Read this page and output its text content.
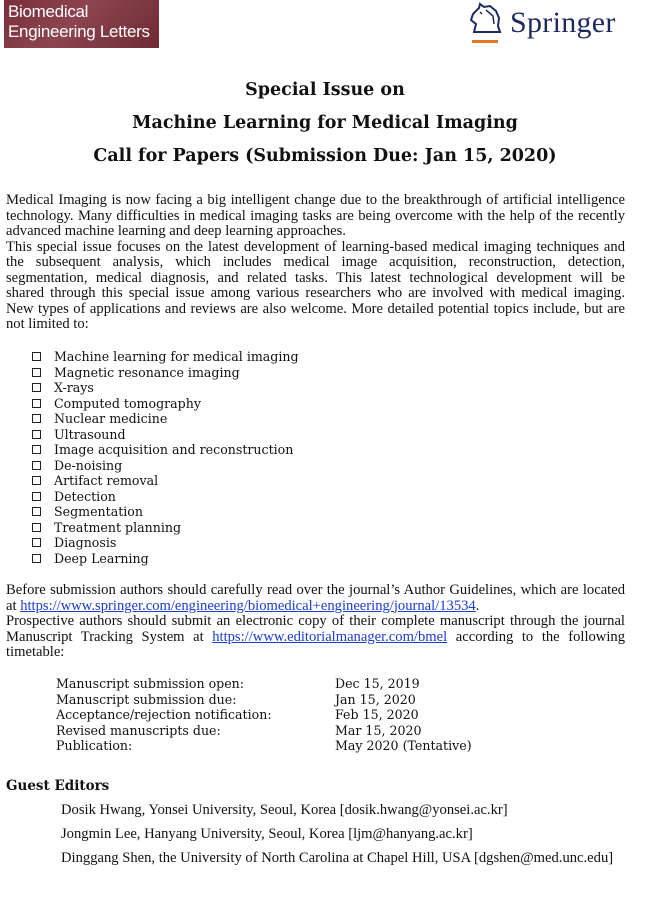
Biomedical
Engineering Letters	Springer
Special Issue on
Machine Learning for Medical Imaging
Call for Papers (Submission Due: Jan 15, 2020)
Medical Imaging is now facing a big intelligent change due to the breakthrough of artificial intelligence
technology. Many difficulties in medical imaging tasks are being overcome with the help of the recently
advanced machine learning and deep learning approaches.
This special issue focuses on the latest development of learning-based medical imaging techniques and
the subsequent analysis, which includes medical image acquisition, reconstruction, detection,
segmentation, medical diagnosis, and related tasks. This latest technological development will be
shared through this special issue among various researchers who are involved with medical imaging.
New types of applications and reviews are also welcome. More detailed potential topics include, but are
not limited to:
Machine learning for medical imaging
Magnetic resonance imaging
X-rays
Computed tomography
Nuclear medicine
Ultrasound
Image acquisition and reconstruction
De-noising
Artifact removal
Detection
Segmentation
Treatment planning
Diagnosis
Deep Learning
Before submission authors should carefully read over the journal’s Author Guidelines, which are located
at https://www.springer.com/engineering/biomedical+engineering/journal/13534.
Prospective authors should submit an electronic copy of their complete manuscript through the journal
Manuscript Tracking System at https://www.editorialmanager.com/bmel according to the following
timetable:
Manuscript submission open:	Dec 15, 2019
Manuscript submission due:	Jan 15, 2020
Acceptance/rejection notification:	Feb 15, 2020
Revised manuscripts due:	Mar 15, 2020
Publication:	May 2020 (Tentative)
Guest Editors
Dosik Hwang, Yonsei University, Seoul, Korea [dosik.hwang@yonsei.ac.kr]
Jongmin Lee, Hanyang University, Seoul, Korea [ljm@hanyang.ac.kr]
Dinggang Shen, the University of North Carolina at Chapel Hill, USA [dgshen@med.unc.edu]
